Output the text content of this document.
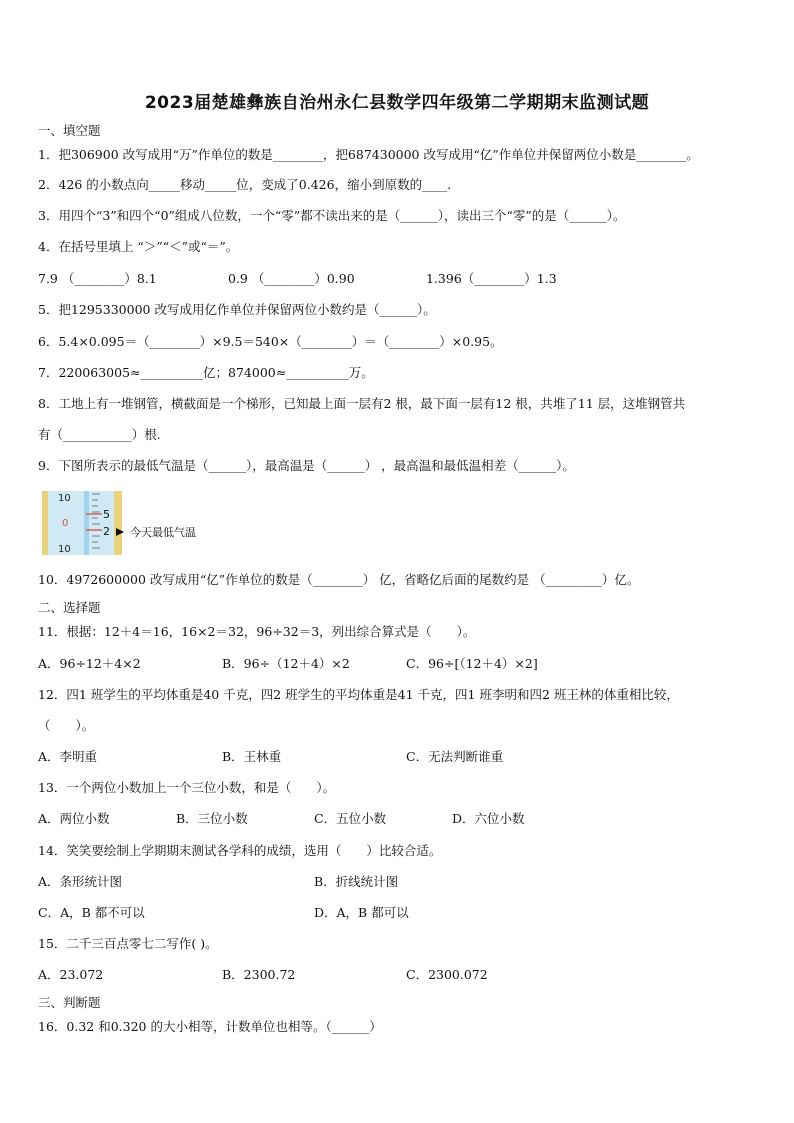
2023届楚雄彝族自治州永仁县数学四年级第二学期期末监测试题
一、填空题
1．把306900 改写成用“万”作单位的数是________，把687430000 改写成用“亿”作单位并保留两位小数是________。
2．426 的小数点向_____移动_____位，变成了0.426，缩小到原数的____.
3．用四个“3”和四个“0”组成八位数，一个“零”都不读出来的是（______），读出三个“零”的是（______）。
4．在括号里填上 “＞”“＜”或“＝”。
7.9 （________）8.1	0.9 （________）0.90	1.396（________）1.3
5．把1295330000 改写成用亿作单位并保留两位小数约是（______）。
6．5.4×0.095＝（________）×9.5＝540×（________）＝（________）×0.95。
7．220063005≈__________亿；874000≈__________万。
8．工地上有一堆钢管，横截面是一个梯形，已知最上面一层有2 根，最下面一层有12 根，共堆了11 层，这堆钢管共
有（___________）根.
9．下图所表示的最低气温是（______），最高温是（______） ，最高温和最低温相差（______）。
10
0
10
5
2 今天最低气温
10．4972600000 改写成用“亿”作单位的数是（________） 亿，省略亿后面的尾数约是 （_________）亿。
二、选择题
11．根据：12＋4＝16，16×2＝32，96÷32＝3，列出综合算式是（　　）。
A．96÷12＋4×2	B．96÷（12＋4）×2	C．96÷[（12＋4）×2]
12．四1 班学生的平均体重是40 千克，四2 班学生的平均体重是41 千克，四1 班李明和四2 班王林的体重相比较，
（　　）。
A．李明重	B．王林重	C．无法判断谁重
13．一个两位小数加上一个三位小数，和是（　　）。
A．两位小数	B．三位小数	C．五位小数	D．六位小数
14．笑笑要绘制上学期期末测试各学科的成绩，选用（　　）比较合适。
A．条形统计图	B．折线统计图
C．A，B 都不可以	D．A，B 都可以
15．二千三百点零七二写作( )。
A．23.072	B．2300.72	C．2300.072
三、判断题
16．0.32 和0.320 的大小相等，计数单位也相等。（______）
